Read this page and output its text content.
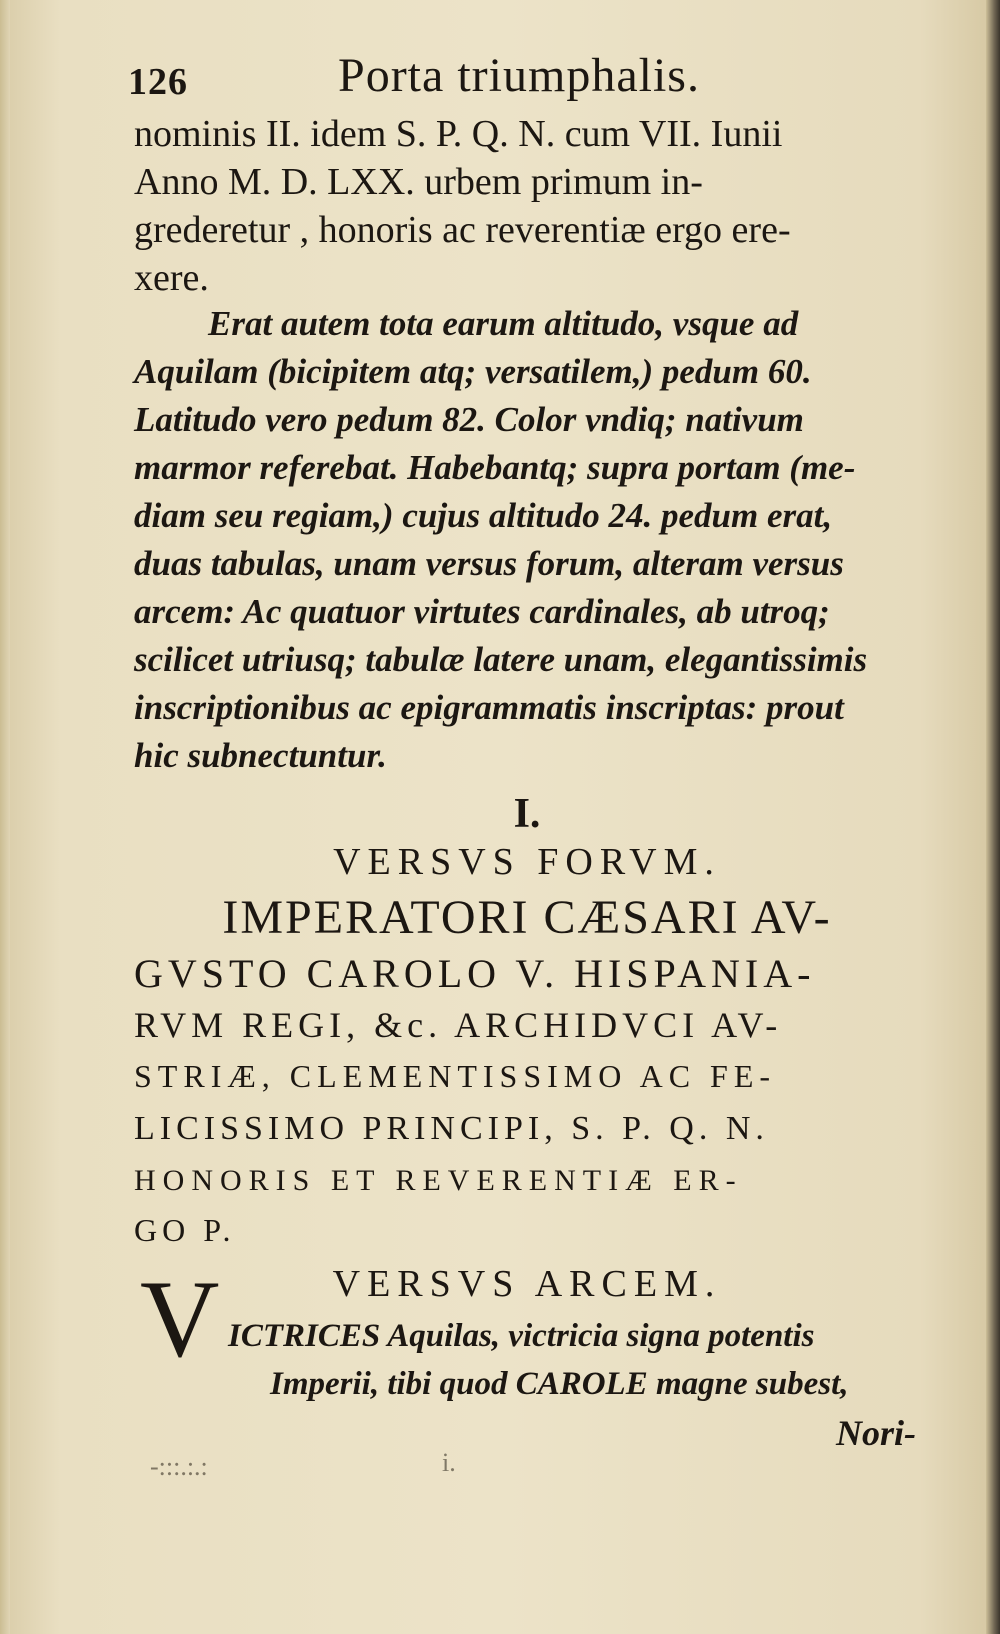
126	Porta triumphalis.
nominis II. idem S. P. Q. N. cum VII. Iunii
Anno M. D. LXX. urbem primum in-
grederetur , honoris ac reverentiæ ergo ere-
xere.
Erat autem tota earum altitudo, vsque ad
Aquilam (bicipitem atq; versatilem,) pedum 60.
Latitudo vero pedum 82. Color vndiq; nativum
marmor referebat. Habebantq; supra portam (me-
diam seu regiam,) cujus altitudo 24. pedum erat,
duas tabulas, unam versus forum, alteram versus
arcem: Ac quatuor virtutes cardinales, ab utroq;
scilicet utriusq; tabulæ latere unam, elegantissimis
inscriptionibus ac epigrammatis inscriptas: prout
hic subnectuntur.
I.
VERSVS FORVM.
IMPERATORI CÆSARI AV-
GVSTO CAROLO V. HISPANIA-
RVM REGI, &c. ARCHIDVCI AV-
STRIÆ, CLEMENTISSIMO AC FE-
LICISSIMO PRINCIPI, S. P. Q. N.
HONORIS ET REVERENTIÆ ER-
GO P.
VERSVS ARCEM.
V ICTRICES Aquilas, victricia signa potentis
Imperii, tibi quod CAROLE magne subest,
Nori-
-:::.:.:	i.
